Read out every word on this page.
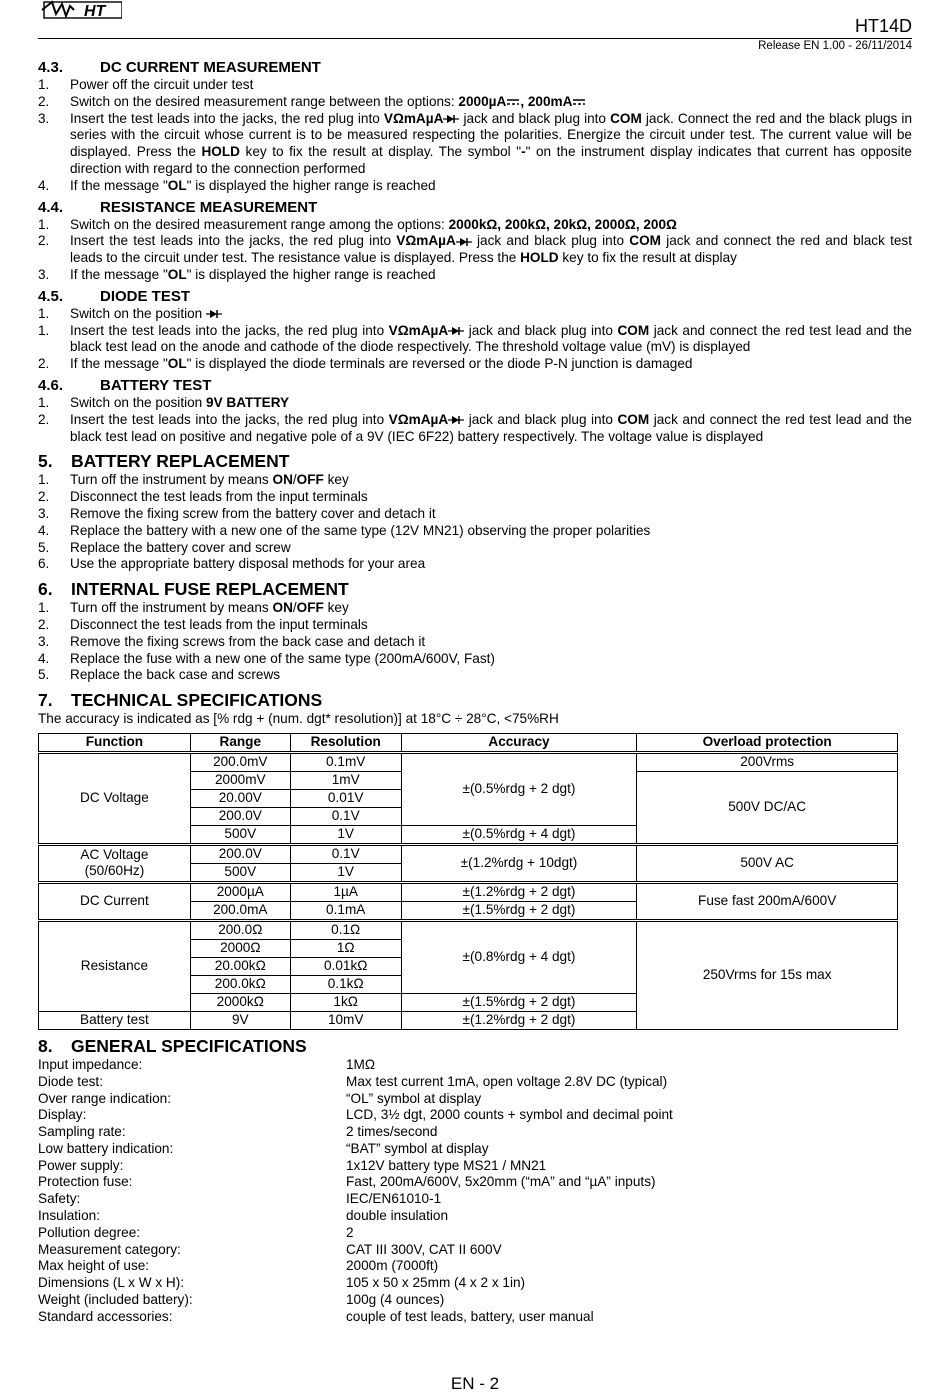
HT
HT14D
Release EN 1.00 - 26/11/2014
4.3. DC CURRENT MEASUREMENT
1. Power off the circuit under test
2. Switch on the desired measurement range between the options: 2000µA , 200mA
3. Insert the test leads into the jacks, the red plug into VΩmAµA jack and black plug into COM jack. Connect the red and the black plugs in series with the circuit whose current is to be measured respecting the polarities. Energize the circuit under test. The current value will be displayed. Press the HOLD key to fix the result at display. The symbol "-" on the instrument display indicates that current has opposite direction with regard to the connection performed
4. If the message "OL" is displayed the higher range is reached
4.4. RESISTANCE MEASUREMENT
1. Switch on the desired measurement range among the options: 2000kΩ, 200kΩ, 20kΩ, 2000Ω, 200Ω
2. Insert the test leads into the jacks, the red plug into VΩmAµA jack and black plug into COM jack and connect the red and black test leads to the circuit under test. The resistance value is displayed. Press the HOLD key to fix the result at display
3. If the message "OL" is displayed the higher range is reached
4.5. DIODE TEST
1. Switch on the position
1. Insert the test leads into the jacks, the red plug into VΩmAµA jack and black plug into COM jack and connect the red test lead and the black test lead on the anode and cathode of the diode respectively. The threshold voltage value (mV) is displayed
2. If the message "OL" is displayed the diode terminals are reversed or the diode P-N junction is damaged
4.6. BATTERY TEST
1. Switch on the position 9V BATTERY
2. Insert the test leads into the jacks, the red plug into VΩmAµA jack and black plug into COM jack and connect the red test lead and the black test lead on positive and negative pole of a 9V (IEC 6F22) battery respectively. The voltage value is displayed
5. BATTERY REPLACEMENT
1. Turn off the instrument by means ON/OFF key
2. Disconnect the test leads from the input terminals
3. Remove the fixing screw from the battery cover and detach it
4. Replace the battery with a new one of the same type (12V MN21) observing the proper polarities
5. Replace the battery cover and screw
6. Use the appropriate battery disposal methods for your area
6. INTERNAL FUSE REPLACEMENT
1. Turn off the instrument by means ON/OFF key
2. Disconnect the test leads from the input terminals
3. Remove the fixing screws from the back case and detach it
4. Replace the fuse with a new one of the same type (200mA/600V, Fast)
5. Replace the back case and screws
7. TECHNICAL SPECIFICATIONS
The accuracy is indicated as [% rdg + (num. dgt* resolution)] at 18°C ÷ 28°C, <75%RH
Function	Range	Resolution	Accuracy	Overload protection
DC Voltage	200.0mV	0.1mV	±(0.5%rdg + 2 dgt)	200Vrms
	2000mV	1mV		500V DC/AC
	20.00V	0.01V		
	200.0V	0.1V		
	500V	1V	±(0.5%rdg + 4 dgt)	

AC Voltage
(50/60Hz)	200.0V	0.1V	±(1.2%rdg + 10dgt)	500V AC
	500V	1V		
DC Current	2000µA	1µA	±(1.2%rdg + 2 dgt)	Fuse fast 200mA/600V
	200.0mA	0.1mA	±(1.5%rdg + 2 dgt)	
Resistance	200.0Ω	0.1Ω	±(0.8%rdg + 4 dgt)	250Vrms for 15s max
	2000Ω	1Ω		
	20.00kΩ	0.01kΩ		
	200.0kΩ	0.1kΩ		
	2000kΩ	1kΩ	±(1.5%rdg + 2 dgt)	
Battery test	9V	10mV	±(1.2%rdg + 2 dgt)	
8. GENERAL SPECIFICATIONS
Input impedance:	1MΩ
Diode test:	Max test current 1mA, open voltage 2.8V DC (typical)
Over range indication:	“OL” symbol at display
Display:	LCD, 3½ dgt, 2000 counts + symbol and decimal point
Sampling rate:	2 times/second
Low battery indication:	“BAT” symbol at display
Power supply:	1x12V battery type MS21 / MN21
Protection fuse:	Fast, 200mA/600V, 5x20mm (“mA” and “µA” inputs)
Safety:	IEC/EN61010-1
Insulation:	double insulation
Pollution degree:	2
Measurement category:	CAT III 300V, CAT II 600V
Max height of use:	2000m (7000ft)
Dimensions (L x W x H):	105 x 50 x 25mm (4 x 2 x 1in)
Weight (included battery):	100g (4 ounces)
Standard accessories:	couple of test leads, battery, user manual
EN - 2
